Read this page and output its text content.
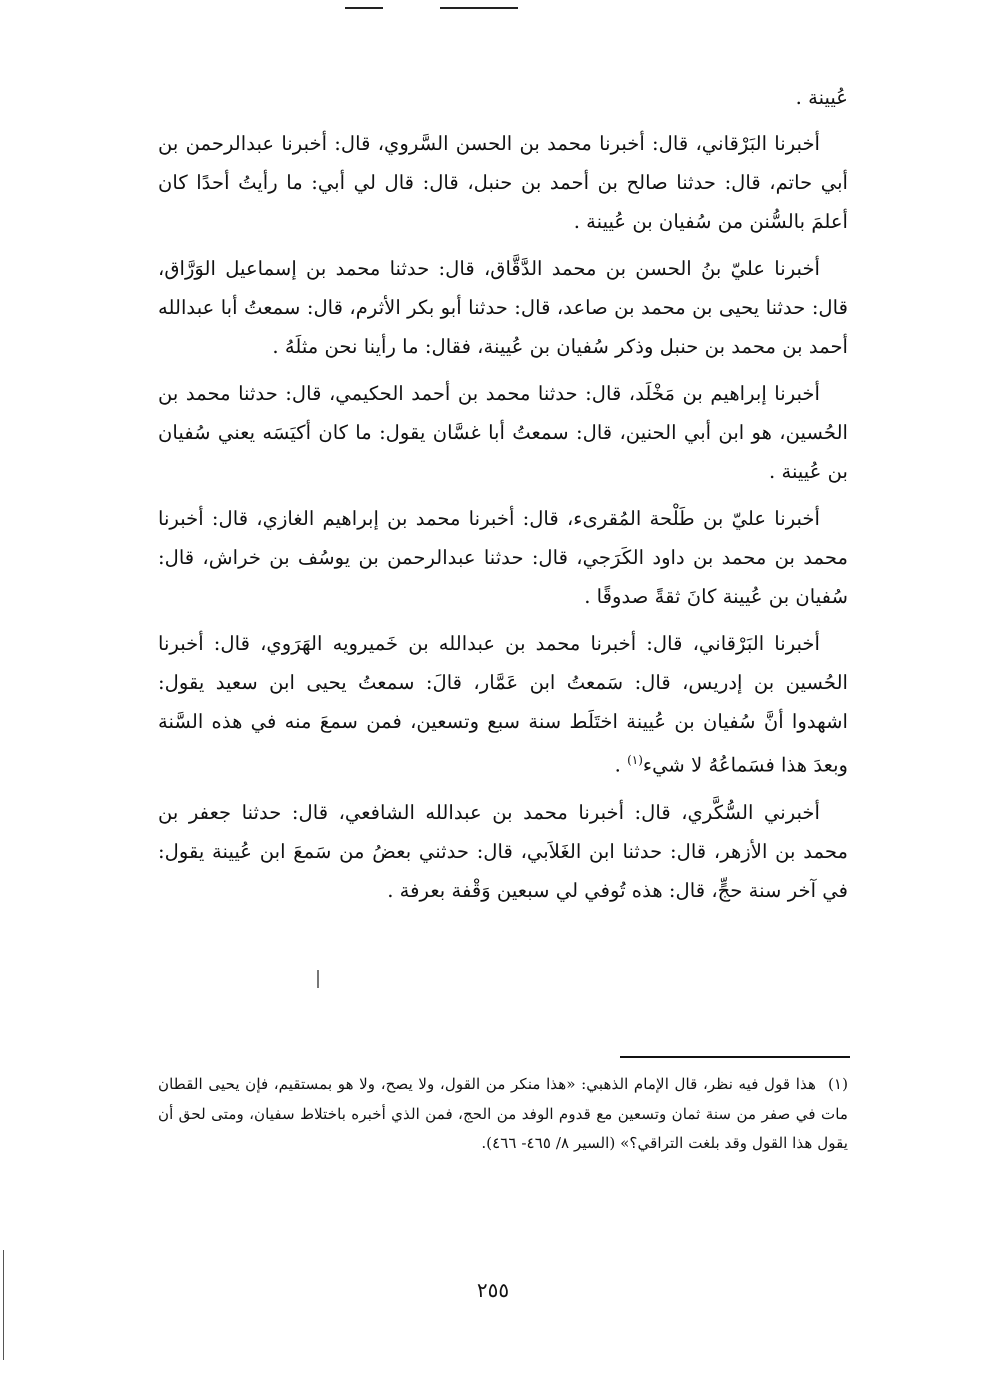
عُيينة .

أخبرنا البَرْقاني، قال: أخبرنا محمد بن الحسن السَّروي، قال: أخبرنا عبدالرحمن بن أبي حاتم، قال: حدثنا صالح بن أحمد بن حنبل، قال: قال لي أبي: ما رأيتُ أحدًا كان أعلمَ بالسُّنن من سُفيان بن عُيينة .

أخبرنا عليّ بنُ الحسن بن محمد الدَّقَّاق، قال: حدثنا محمد بن إسماعيل الوَرَّاق، قال: حدثنا يحيى بن محمد بن صاعد، قال: حدثنا أبو بكر الأثرم، قال: سمعتُ أبا عبدالله أحمد بن محمد بن حنبل وذكر سُفيان بن عُيينة، فقال: ما رأينا نحن مثلَهُ .

أخبرنا إبراهيم بن مَخْلَد، قال: حدثنا محمد بن أحمد الحكيمي، قال: حدثنا محمد بن الحُسين، هو ابن أبي الحنين، قال: سمعتُ أبا غسَّان يقول: ما كان أكيَسَه يعني سُفيان بن عُيينة .

أخبرنا عليّ بن طَلْحة المُقرىء، قال: أخبرنا محمد بن إبراهيم الغازي، قال: أخبرنا محمد بن محمد بن داود الكَرَجي، قال: حدثنا عبدالرحمن بن يوسُف بن خراش، قال: سُفيان بن عُيينة كانَ ثقةً صدوقًا .

أخبرنا البَرْقاني، قال: أخبرنا محمد بن عبدالله بن خَميرويه الهَرَوي، قال: أخبرنا الحُسين بن إدريس، قال: سَمعتُ ابن عَمَّار، قالَ: سمعتُ يحيى ابن سعيد يقول: اشهدوا أنَّ سُفيان بن عُيينة اختَلَط سنة سبع وتسعين، فمن سمعَ منه في هذه السَّنة وبعدَ هذا فسَماعُهُ لا شيء$^{(١)}$ .

أخبرني السُّكَّري، قال: أخبرنا محمد بن عبدالله الشافعي، قال: حدثنا جعفر بن محمد بن الأزهر، قال: حدثنا ابن الغَلاَبي، قال: حدثني بعضُ من سَمعَ ابن عُيينة يقول: في آخر سنة حجٍّ، قال: هذه تُوفي لي سبعين وَقْفة بعرفة .

(١)هذا قول فيه نظر، قال الإمام الذهبي: «هذا منكر من القول، ولا يصح، ولا هو بمستقيم، فإن يحيى القطان مات في صفر من سنة ثمان وتسعين مع قدوم الوفد من الحج، فمن الذي أخبره باختلاط سفيان، ومتى لحق أن يقول هذا القول وقد بلغت التراقي؟» (السير ٨/ ٤٦٥- ٤٦٦).
٢٥٥
